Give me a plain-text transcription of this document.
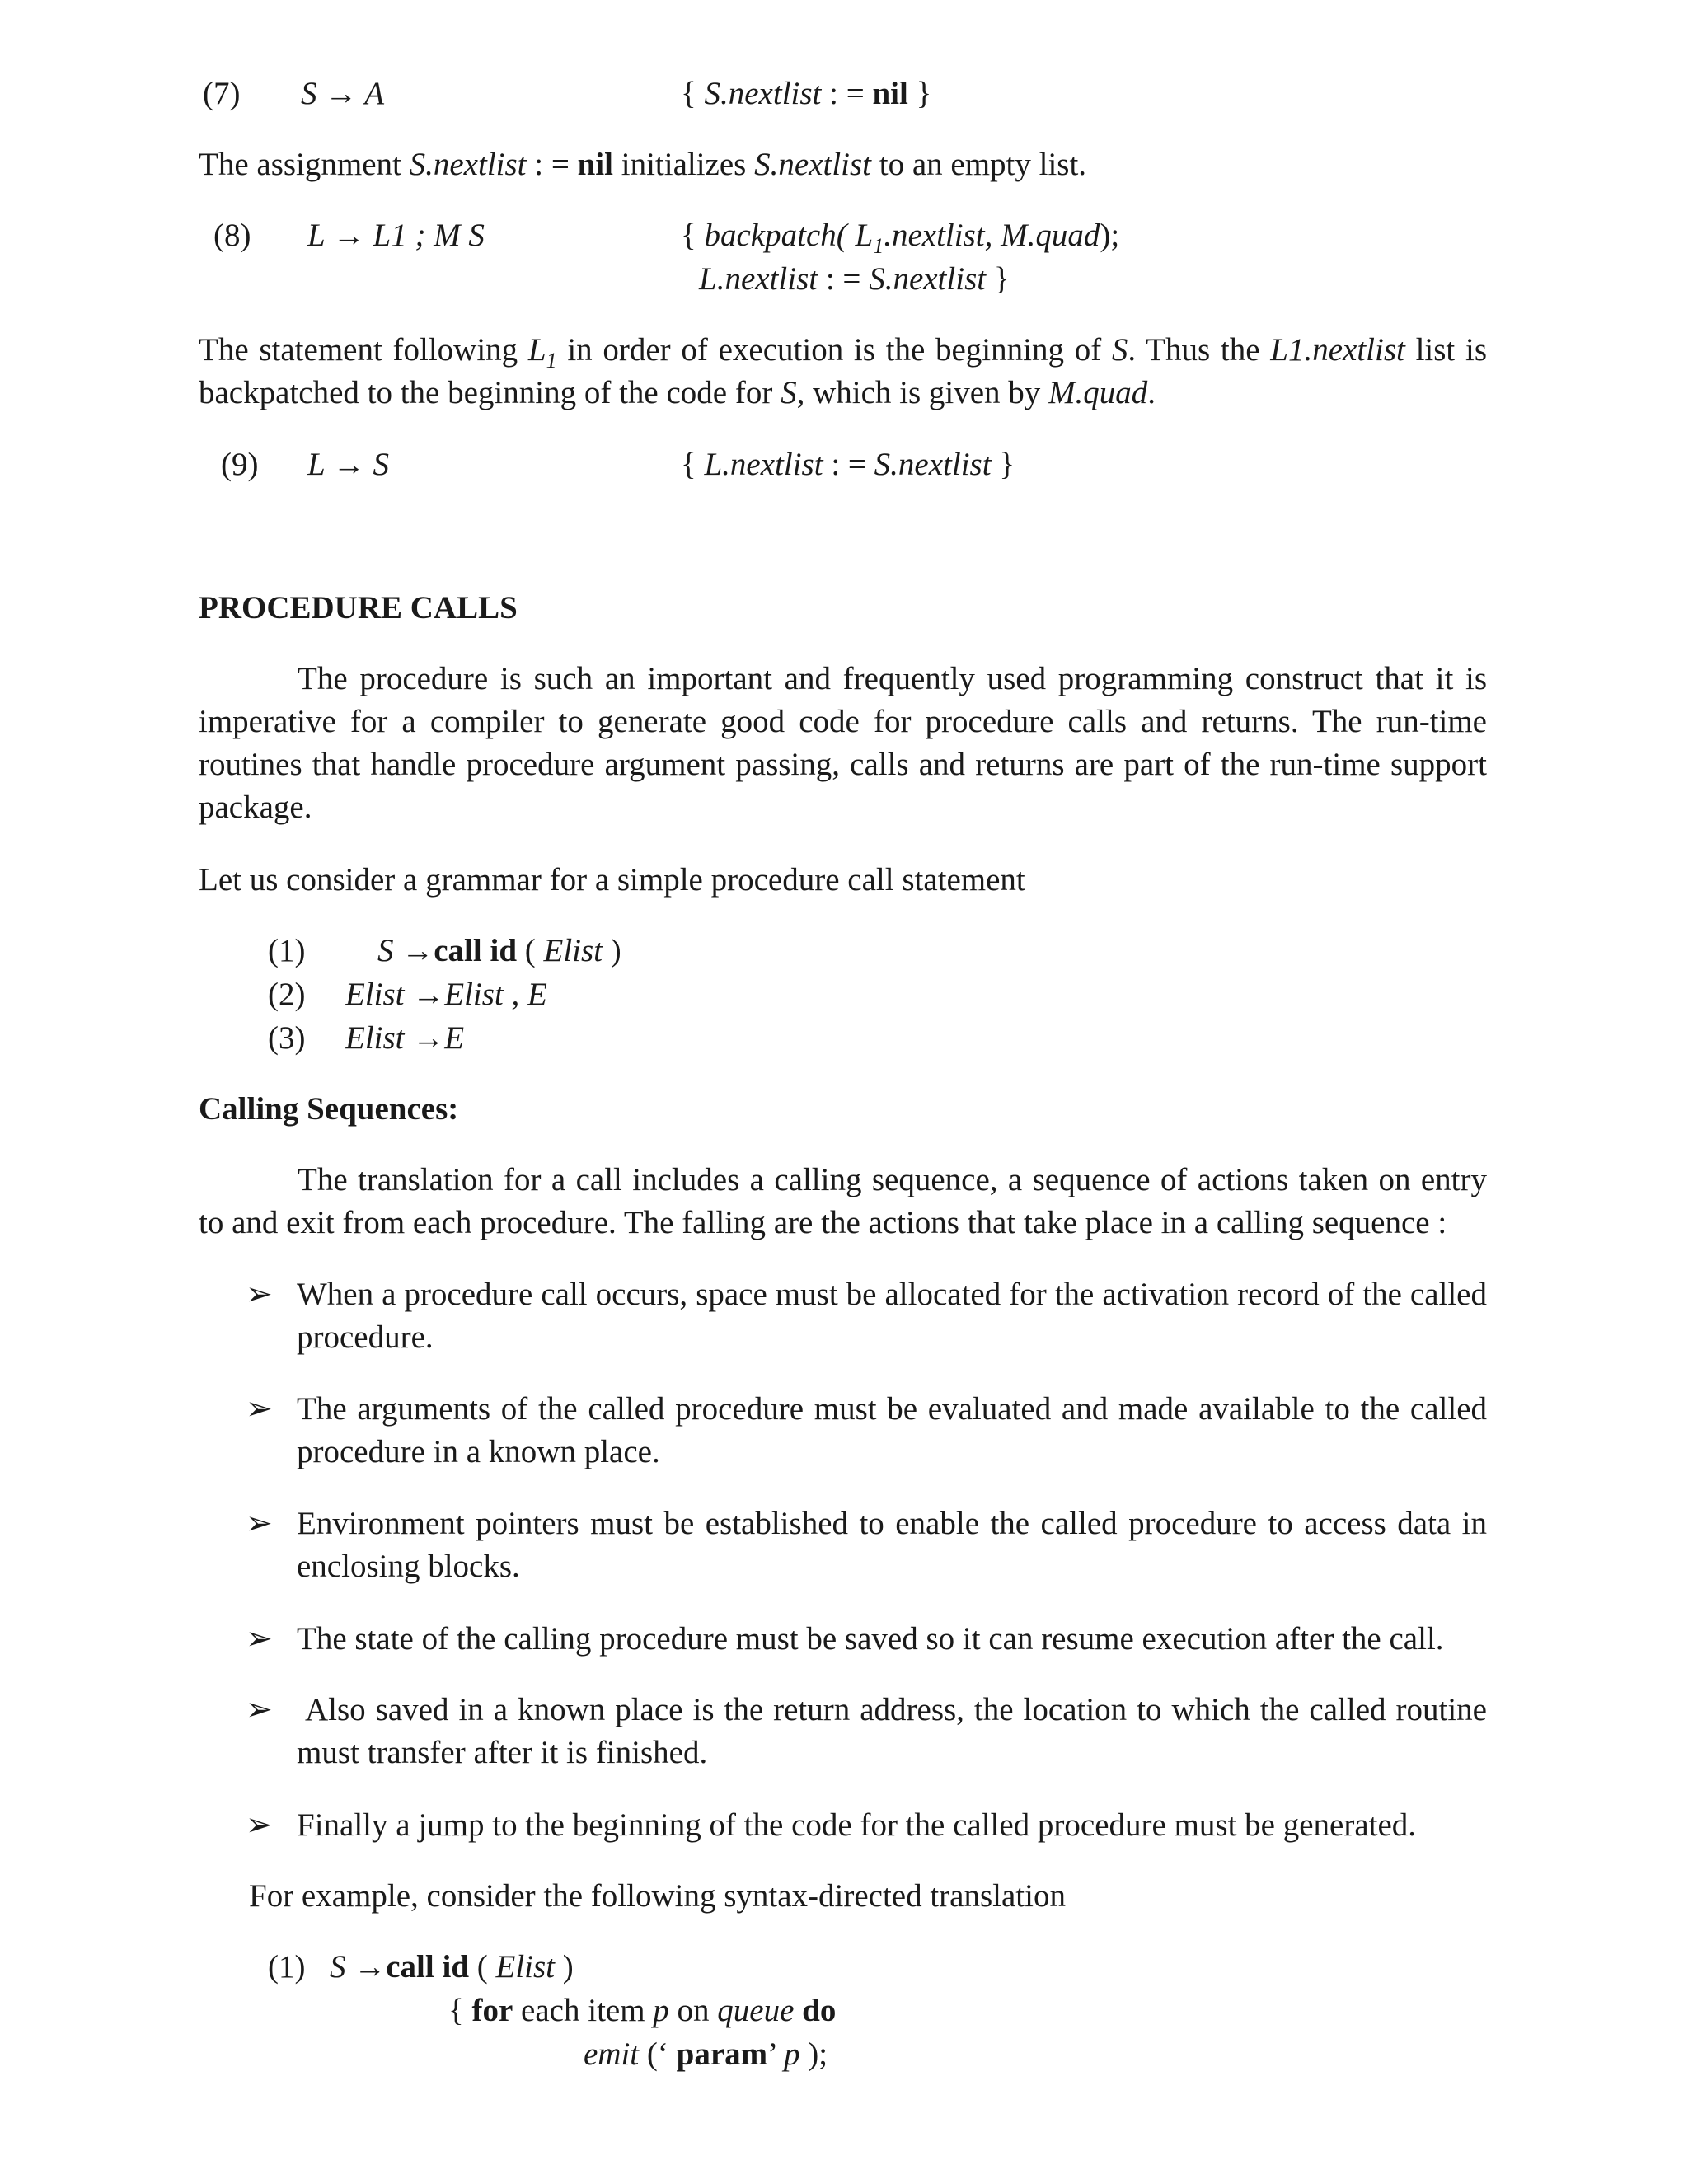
(7) S → A	{ S.nextlist : = nil }
The assignment S.nextlist : = nil initializes S.nextlist to an empty list.
(8) L → L1 ; M S	{ backpatch( $L_1.nextlist$, M.quad);
L.nextlist : = S.nextlist }
The statement following $L_1$ in order of execution is the beginning of S. Thus the L1.nextlist list is backpatched to the beginning of the code for S, which is given by M.quad.
(9) L → S	{ L.nextlist : = S.nextlist }
PROCEDURE CALLS
The procedure is such an important and frequently used programming construct that it is imperative for a compiler to generate good code for procedure calls and returns. The run-time routines that handle procedure argument passing, calls and returns are part of the run-time support package.
Let us consider a grammar for a simple procedure call statement
(1) S →call id ( Elist )
(2) Elist →Elist , E
(3) Elist →E
Calling Sequences:
The translation for a call includes a calling sequence, a sequence of actions taken on entry to and exit from each procedure. The falling are the actions that take place in a calling sequence :
➢ When a procedure call occurs, space must be allocated for the activation record of the called procedure.
➢ The arguments of the called procedure must be evaluated and made available to the called procedure in a known place.
➢ Environment pointers must be established to enable the called procedure to access data in enclosing blocks.
➢ The state of the calling procedure must be saved so it can resume execution after the call.
➢ Also saved in a known place is the return address, the location to which the called routine must transfer after it is finished.
➢ Finally a jump to the beginning of the code for the called procedure must be generated.
For example, consider the following syntax-directed translation
(1) S →call id ( Elist )
{ for each item p on queue do
emit (‘ param’ p );
